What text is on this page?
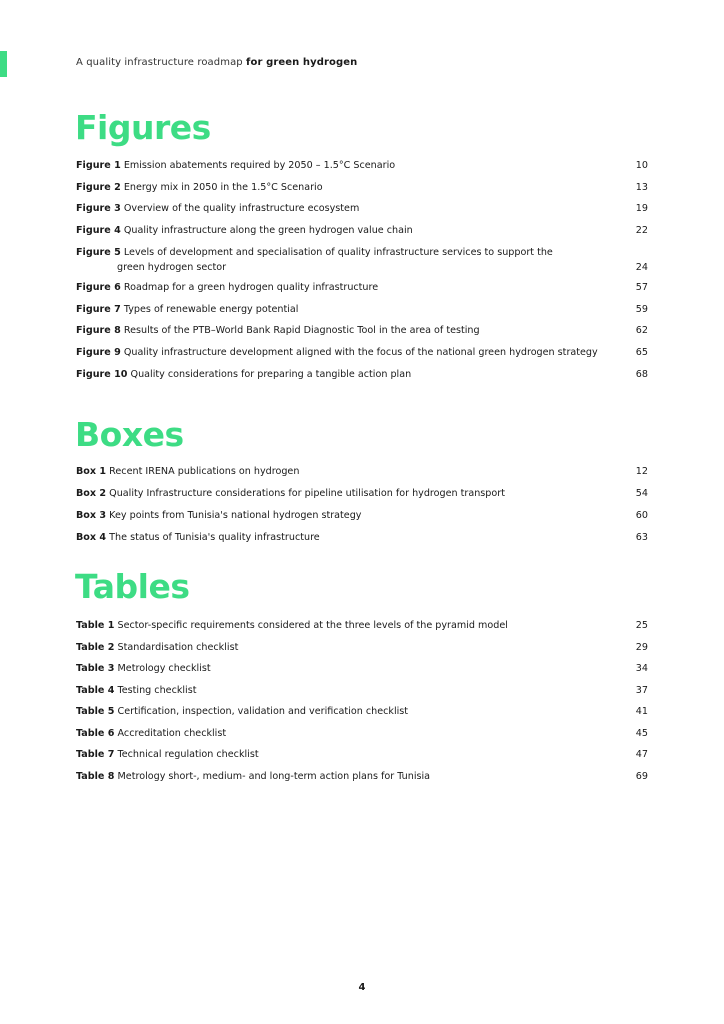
A quality infrastructure roadmap for green hydrogen
Figures
Figure 1 Emission abatements required by 2050 – 1.5°C Scenario	10
Figure 2 Energy mix in 2050 in the 1.5°C Scenario	13
Figure 3 Overview of the quality infrastructure ecosystem	19
Figure 4 Quality infrastructure along the green hydrogen value chain	22
Figure 5 Levels of development and specialisation of quality infrastructure services to support the
green hydrogen sector	24
Figure 6 Roadmap for a green hydrogen quality infrastructure	57
Figure 7 Types of renewable energy potential	59
Figure 8 Results of the PTB–World Bank Rapid Diagnostic Tool in the area of testing	62
Figure 9 Quality infrastructure development aligned with the focus of the national green hydrogen strategy	65
Figure 10 Quality considerations for preparing a tangible action plan	68
Boxes
Box 1 Recent IRENA publications on hydrogen	12
Box 2 Quality Infrastructure considerations for pipeline utilisation for hydrogen transport	54
Box 3 Key points from Tunisia's national hydrogen strategy	60
Box 4 The status of Tunisia's quality infrastructure	63
Tables
Table 1 Sector-specific requirements considered at the three levels of the pyramid model	25
Table 2 Standardisation checklist	29
Table 3 Metrology checklist	34
Table 4 Testing checklist	37
Table 5 Certification, inspection, validation and verification checklist	41
Table 6 Accreditation checklist	45
Table 7 Technical regulation checklist	47
Table 8 Metrology short-, medium- and long-term action plans for Tunisia	69
4
